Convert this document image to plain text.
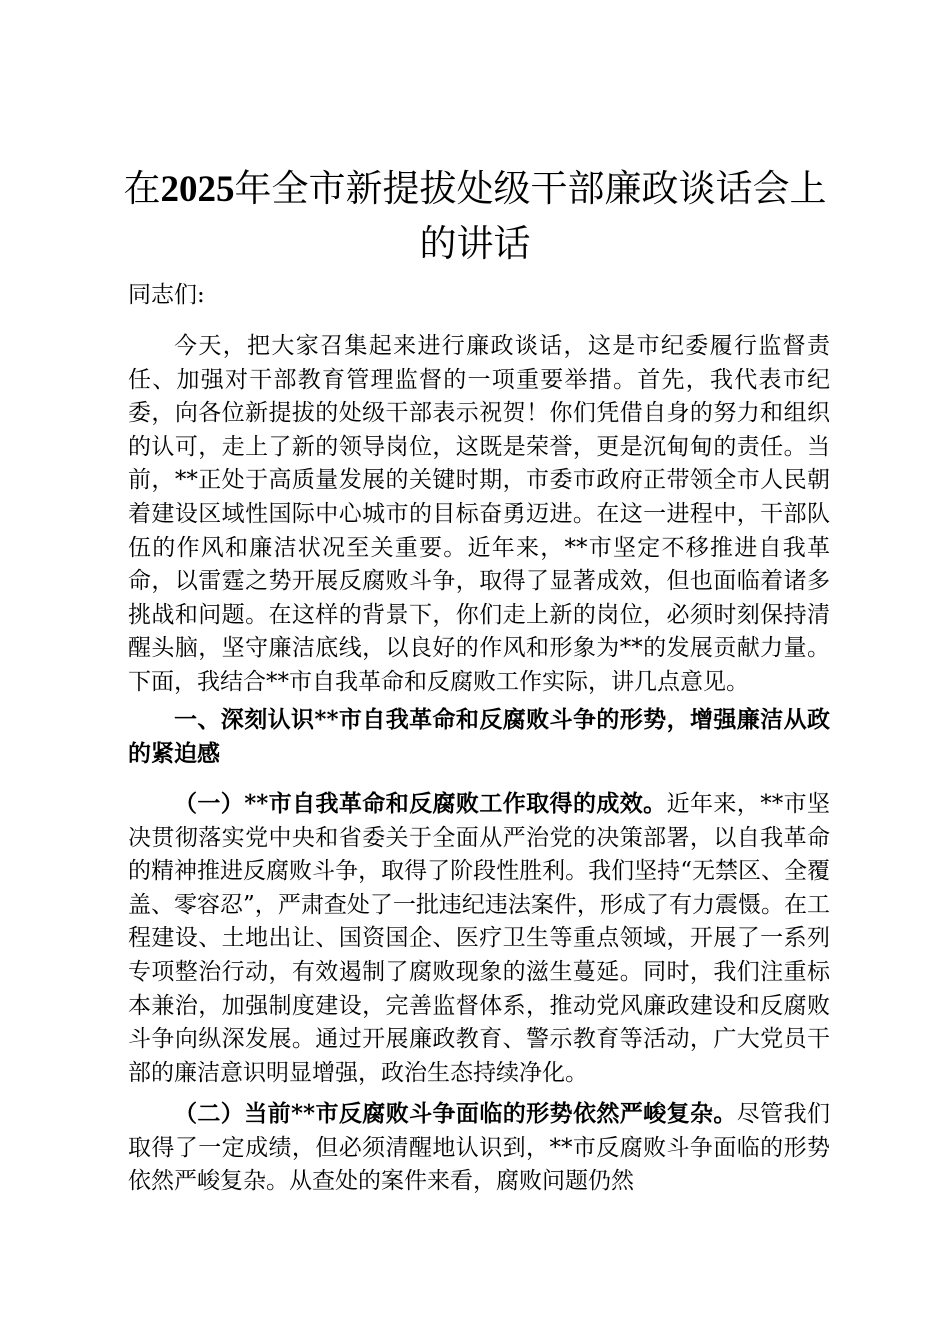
在2025年全市新提拔处级干部廉政谈话会上的讲话

同志们:

今天，把大家召集起来进行廉政谈话，这是市纪委履行监督责任、加强对干部教育管理监督的一项重要举措。首先，我代表市纪委，向各位新提拔的处级干部表示祝贺！你们凭借自身的努力和组织的认可，走上了新的领导岗位，这既是荣誉，更是沉甸甸的责任。当前，**正处于高质量发展的关键时期，市委市政府正带领全市人民朝着建设区域性国际中心城市的目标奋勇迈进。在这一进程中，干部队伍的作风和廉洁状况至关重要。近年来，**市坚定不移推进自我革命，以雷霆之势开展反腐败斗争，取得了显著成效，但也面临着诸多挑战和问题。在这样的背景下，你们走上新的岗位，必须时刻保持清醒头脑，坚守廉洁底线，以良好的作风和形象为**的发展贡献力量。下面，我结合**市自我革命和反腐败工作实际，讲几点意见。

一、深刻认识**市自我革命和反腐败斗争的形势，增强廉洁从政的紧迫感

（一）**市自我革命和反腐败工作取得的成效。近年来，**市坚决贯彻落实党中央和省委关于全面从严治党的决策部署，以自我革命的精神推进反腐败斗争，取得了阶段性胜利。我们坚持“无禁区、全覆盖、零容忍”，严肃查处了一批违纪违法案件，形成了有力震慑。在工程建设、土地出让、国资国企、医疗卫生等重点领域，开展了一系列专项整治行动，有效遏制了腐败现象的滋生蔓延。同时，我们注重标本兼治，加强制度建设，完善监督体系，推动党风廉政建设和反腐败斗争向纵深发展。通过开展廉政教育、警示教育等活动，广大党员干部的廉洁意识明显增强，政治生态持续净化。

（二）当前**市反腐败斗争面临的形势依然严峻复杂。尽管我们取得了一定成绩，但必须清醒地认识到，**市反腐败斗争面临的形势依然严峻复杂。从查处的案件来看，腐败问题仍然
